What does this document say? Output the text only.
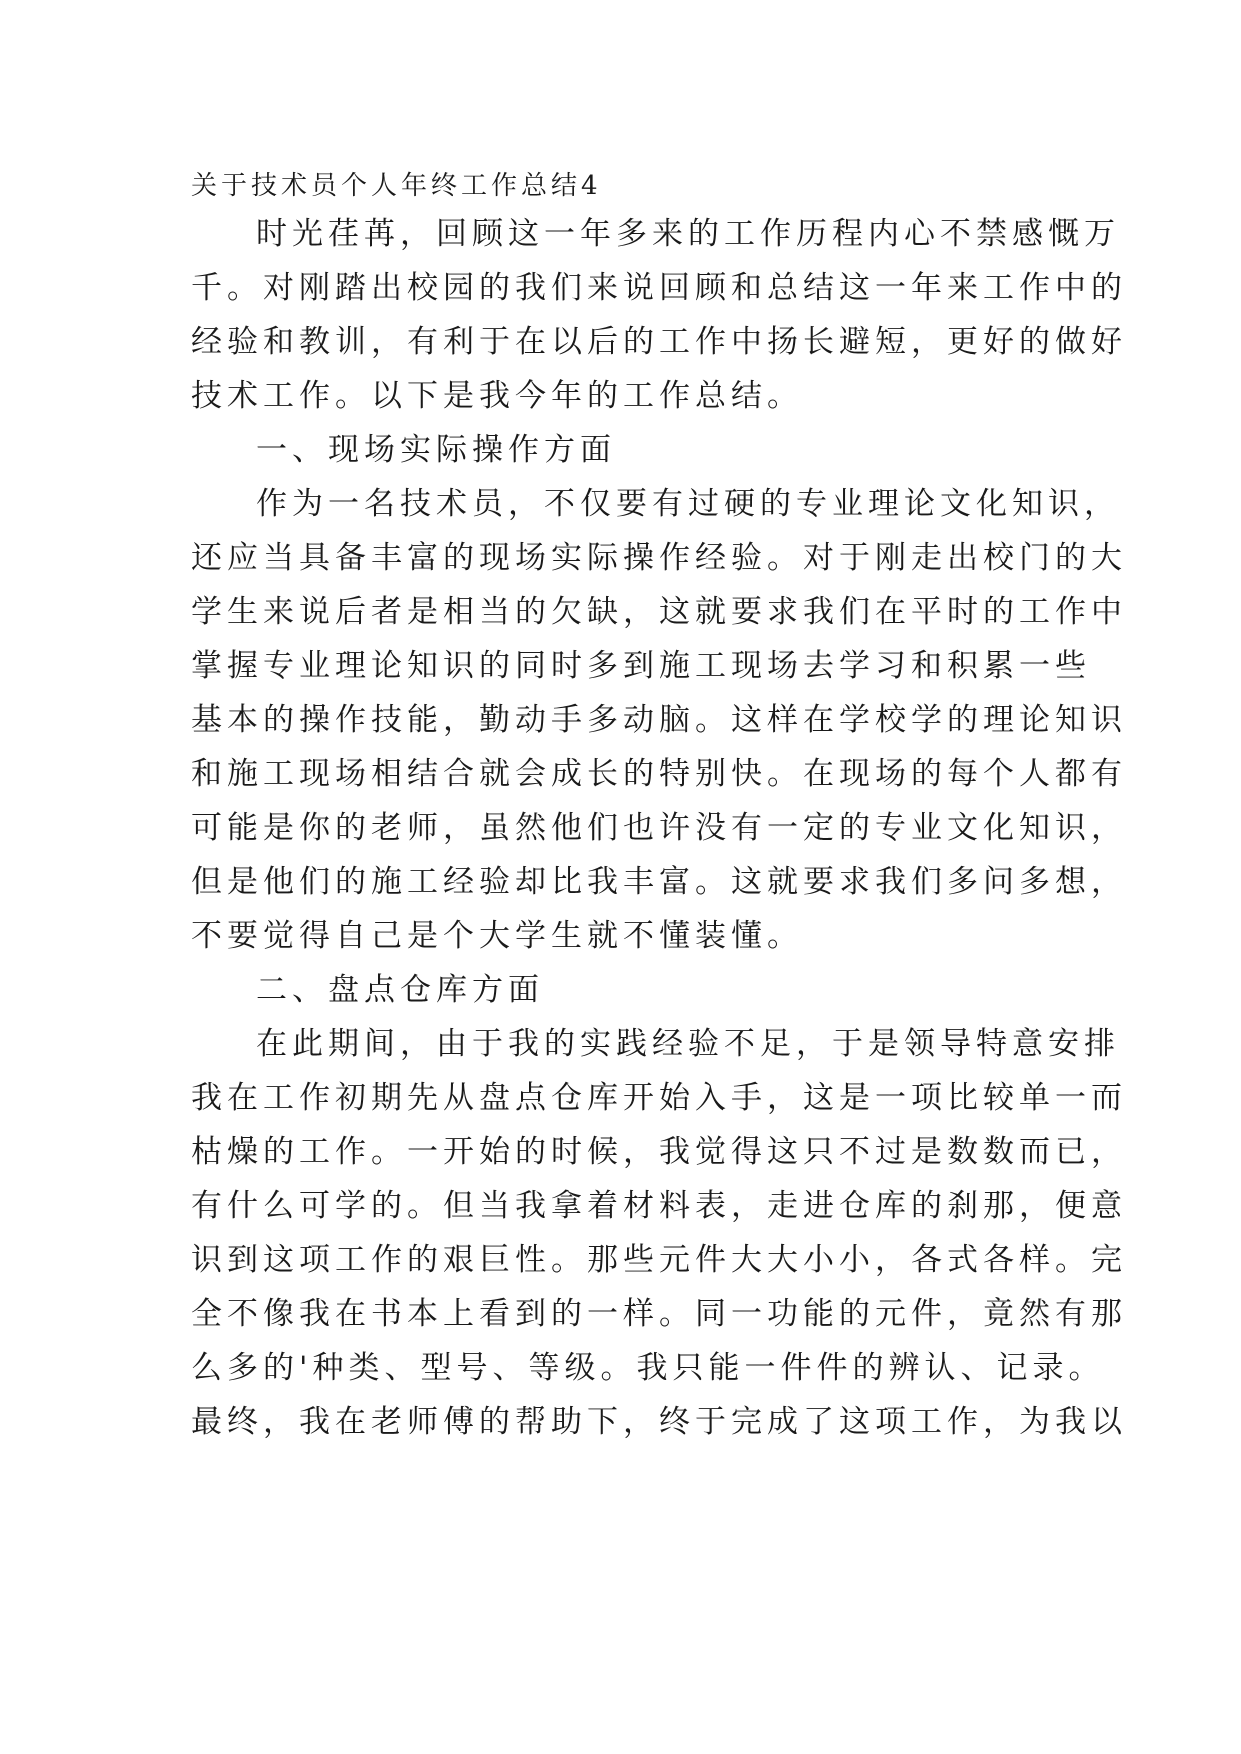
关于技术员个人年终工作总结4
时光荏苒，回顾这一年多来的工作历程内心不禁感慨万
千。对刚踏出校园的我们来说回顾和总结这一年来工作中的
经验和教训，有利于在以后的工作中扬长避短，更好的做好
技术工作。以下是我今年的工作总结。
一、现场实际操作方面
作为一名技术员，不仅要有过硬的专业理论文化知识，
还应当具备丰富的现场实际操作经验。对于刚走出校门的大
学生来说后者是相当的欠缺，这就要求我们在平时的工作中
掌握专业理论知识的同时多到施工现场去学习和积累一些
基本的操作技能，勤动手多动脑。这样在学校学的理论知识
和施工现场相结合就会成长的特别快。在现场的每个人都有
可能是你的老师，虽然他们也许没有一定的专业文化知识，
但是他们的施工经验却比我丰富。这就要求我们多问多想，
不要觉得自己是个大学生就不懂装懂。
二、盘点仓库方面
在此期间，由于我的实践经验不足，于是领导特意安排
我在工作初期先从盘点仓库开始入手，这是一项比较单一而
枯燥的工作。一开始的时候，我觉得这只不过是数数而已，
有什么可学的。但当我拿着材料表，走进仓库的刹那，便意
识到这项工作的艰巨性。那些元件大大小小，各式各样。完
全不像我在书本上看到的一样。同一功能的元件，竟然有那
么多的'种类、型号、等级。我只能一件件的辨认、记录。
最终，我在老师傅的帮助下，终于完成了这项工作，为我以
